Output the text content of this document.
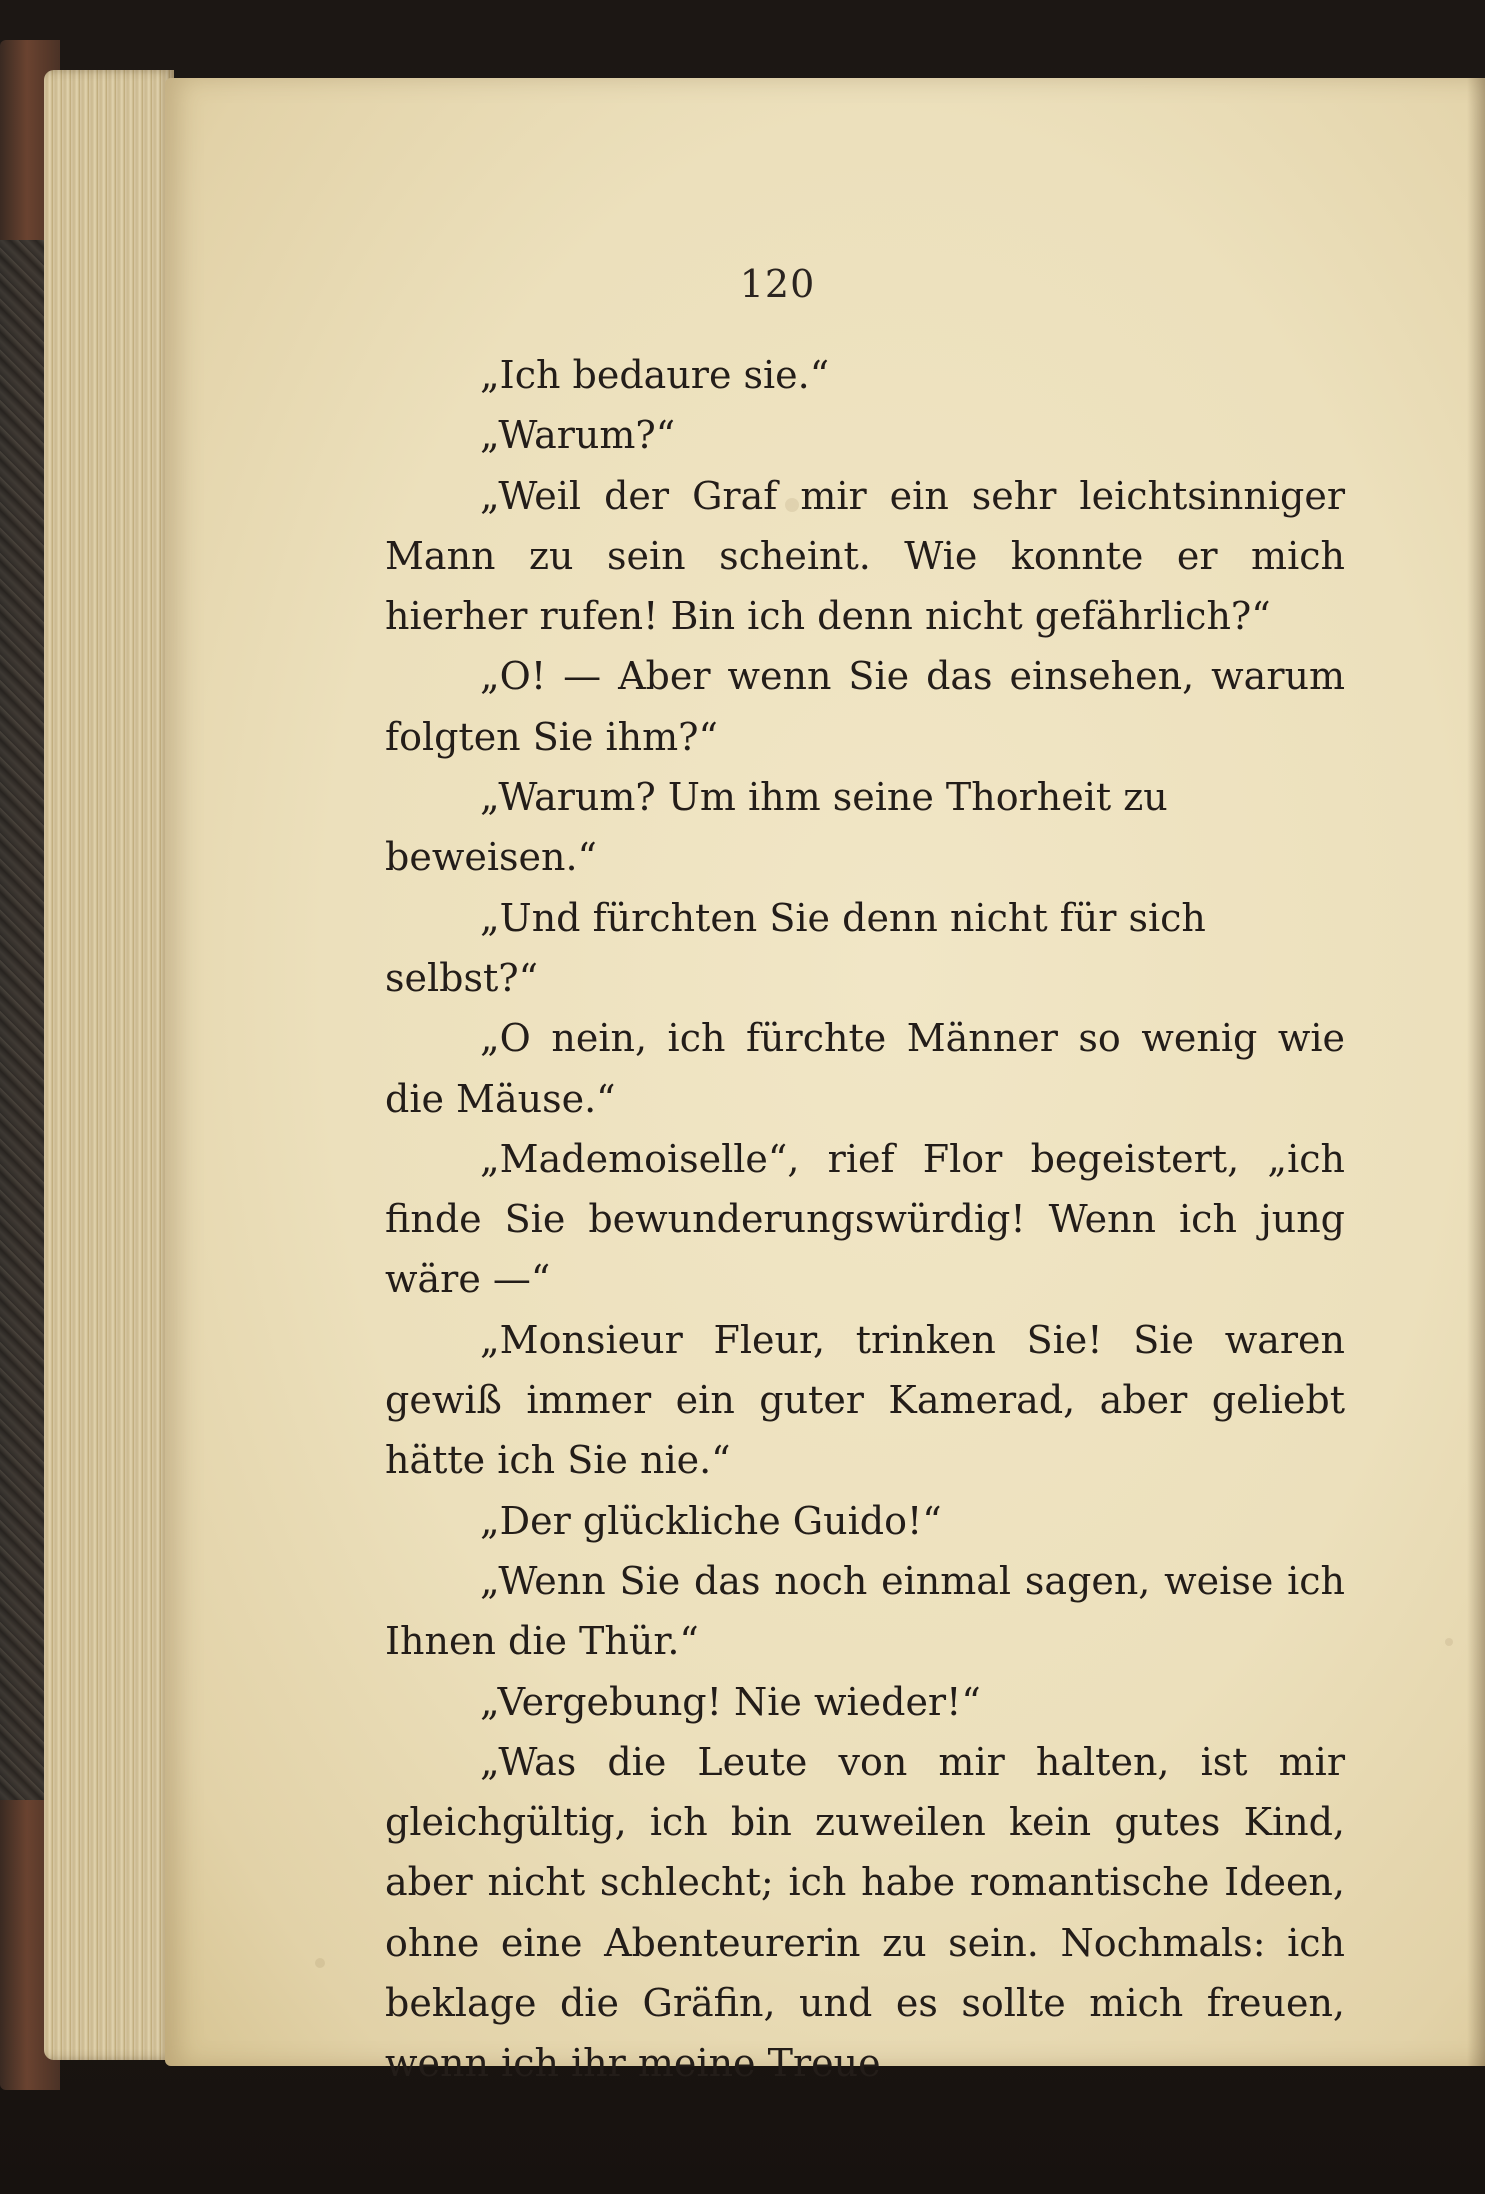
120

„Ich bedaure sie.“

„Warum?“

„Weil der Graf mir ein sehr leichtsinniger Mann zu sein scheint. Wie konnte er mich hierher rufen! Bin ich denn nicht gefährlich?“

„O! — Aber wenn Sie das einsehen, warum folgten Sie ihm?“

„Warum? Um ihm seine Thorheit zu beweisen.“

„Und fürchten Sie denn nicht für sich selbst?“

„O nein, ich fürchte Männer so wenig wie die Mäuse.“

„Mademoiselle“, rief Flor begeistert, „ich finde Sie bewunderungswürdig! Wenn ich jung wäre —“

„Monsieur Fleur, trinken Sie! Sie waren gewiß immer ein guter Kamerad, aber geliebt hätte ich Sie nie.“

„Der glückliche Guido!“

„Wenn Sie das noch einmal sagen, weise ich Ihnen die Thür.“

„Vergebung! Nie wieder!“

„Was die Leute von mir halten, ist mir gleichgültig, ich bin zuweilen kein gutes Kind, aber nicht schlecht; ich habe romantische Ideen, ohne eine Abenteurerin zu sein. Nochmals: ich beklage die Gräfin, und es sollte mich freuen, wenn ich ihr meine Treue
